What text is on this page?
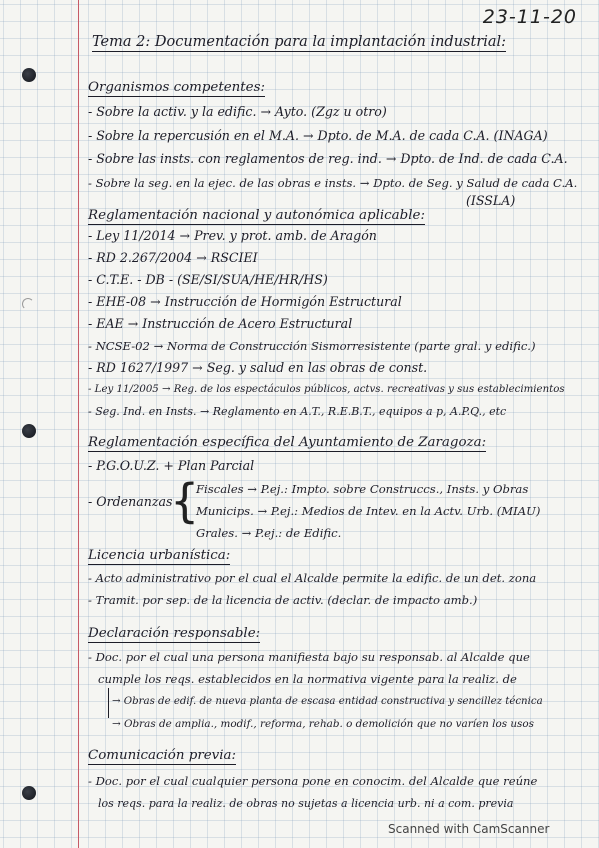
23-11-20
Tema 2: Documentación para la implantación industrial:
Organismos competentes:
- Sobre la activ. y la edific. → Ayto. (Zgz u otro)
- Sobre la repercusión en el M.A. → Dpto. de M.A. de cada C.A. (INAGA)
- Sobre las insts. con reglamentos de reg. ind. → Dpto. de Ind. de cada C.A.
- Sobre la seg. en la ejec. de las obras e insts. → Dpto. de Seg. y Salud de cada C.A.
(ISSLA)
Reglamentación nacional y autonómica aplicable:
- Ley 11/2014 → Prev. y prot. amb. de Aragón
- RD 2.267/2004 → RSCIEI
- C.T.E. - DB - (SE/SI/SUA/HE/HR/HS)
- EHE-08 → Instrucción de Hormigón Estructural
- EAE → Instrucción de Acero Estructural
- NCSE-02 → Norma de Construcción Sismorresistente (parte gral. y edific.)
- RD 1627/1997 → Seg. y salud en las obras de const.
- Ley 11/2005 → Reg. de los espectáculos públicos, actvs. recreativas y sus establecimientos
- Seg. Ind. en Insts. → Reglamento en A.T., R.E.B.T., equipos a p, A.P.Q., etc
Reglamentación específica del Ayuntamiento de Zaragoza:
- P.G.O.U.Z. + Plan Parcial
- Ordenanzas
{
Fiscales → P.ej.: Impto. sobre Construccs., Insts. y Obras
Municips. → P.ej.: Medios de Intev. en la Actv. Urb. (MIAU)
Grales. → P.ej.: de Edific.
Licencia urbanística:
- Acto administrativo por el cual el Alcalde permite la edific. de un det. zona
- Tramit. por sep. de la licencia de activ. (declar. de impacto amb.)
Declaración responsable:
- Doc. por el cual una persona manifiesta bajo su responsab. al Alcalde que
cumple los reqs. establecidos en la normativa vigente para la realiz. de
→ Obras de edif. de nueva planta de escasa entidad constructiva y sencillez técnica
→ Obras de amplia., modif., reforma, rehab. o demolición que no varíen los usos
Comunicación previa:
- Doc. por el cual cualquier persona pone en conocim. del Alcalde que reúne
los reqs. para la realiz. de obras no sujetas a licencia urb. ni a com. previa
Scanned with CamScanner
